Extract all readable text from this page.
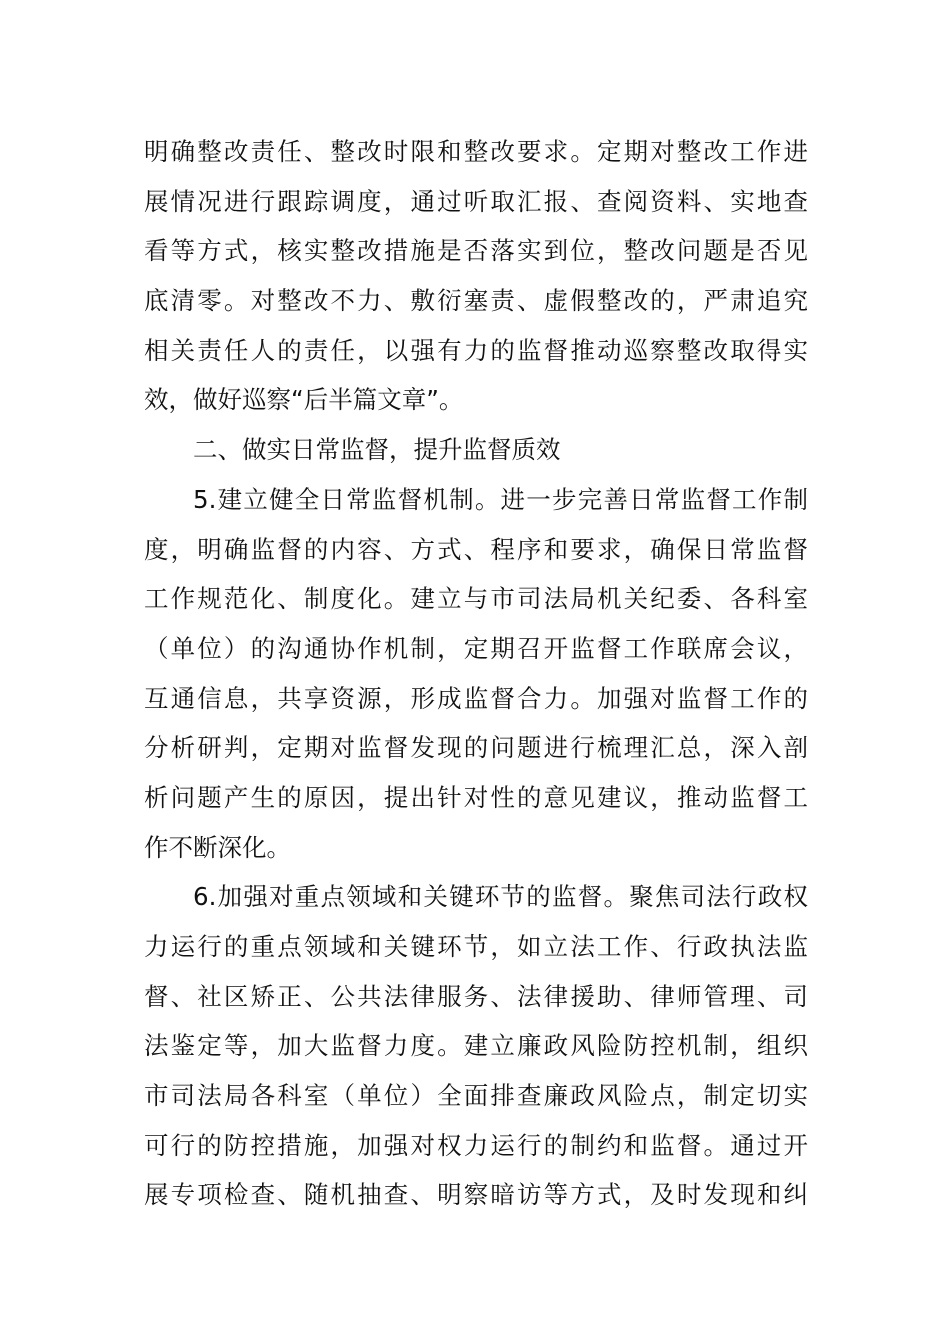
明确整改责任、整改时限和整改要求。定期对整改工作进
展情况进行跟踪调度，通过听取汇报、查阅资料、实地查
看等方式，核实整改措施是否落实到位，整改问题是否见
底清零。对整改不力、敷衍塞责、虚假整改的，严肃追究
相关责任人的责任，以强有力的监督推动巡察整改取得实
效，做好巡察“后半篇文章”。
二、做实日常监督，提升监督质效
5.建立健全日常监督机制。进一步完善日常监督工作制
度，明确监督的内容、方式、程序和要求，确保日常监督
工作规范化、制度化。建立与市司法局机关纪委、各科室
（单位）的沟通协作机制，定期召开监督工作联席会议，
互通信息，共享资源，形成监督合力。加强对监督工作的
分析研判，定期对监督发现的问题进行梳理汇总，深入剖
析问题产生的原因，提出针对性的意见建议，推动监督工
作不断深化。
6.加强对重点领域和关键环节的监督。聚焦司法行政权
力运行的重点领域和关键环节，如立法工作、行政执法监
督、社区矫正、公共法律服务、法律援助、律师管理、司
法鉴定等，加大监督力度。建立廉政风险防控机制，组织
市司法局各科室（单位）全面排查廉政风险点，制定切实
可行的防控措施，加强对权力运行的制约和监督。通过开
展专项检查、随机抽查、明察暗访等方式，及时发现和纠
